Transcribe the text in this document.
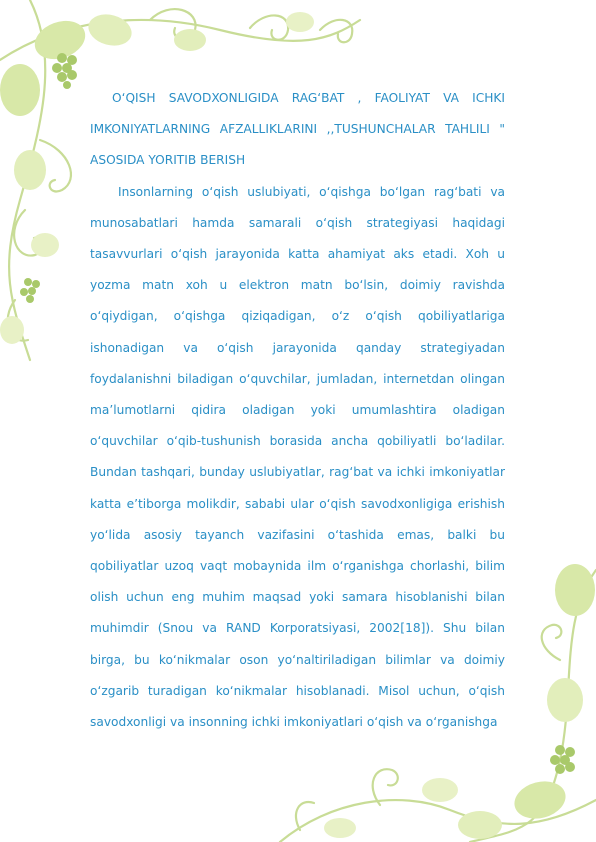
O‘QISH SAVODXONLIGIDA RAG‘BAT , FAOLIYAT VA ICHKI IMKONIYATLARNING AFZALLIKLARINI ,,TUSHUNCHALAR TAHLILI " ASOSIDA YORITIB BERISH

Insonlarning o‘qish uslubiyati, o‘qishga bo‘lgan rag‘bati va munosabatlari hamda samarali o‘qish strategiyasi haqidagi tasavvurlari o‘qish jarayonida katta ahamiyat aks etadi. Xoh u yozma matn xoh u elektron matn bo‘lsin, doimiy ravishda o‘qiydigan, o‘qishga qiziqadigan, o‘z o‘qish qobiliyatlariga ishonadigan va o‘qish jarayonida qanday strategiyadan foydalanishni biladigan o‘quvchilar, jumladan, internetdan olingan ma’lumotlarni qidira oladigan yoki umumlashtira oladigan o‘quvchilar o‘qib-tushunish borasida ancha qobiliyatli bo‘ladilar. Bundan tashqari, bunday uslubiyatlar, rag‘bat va ichki imkoniyatlar katta e’tiborga molikdir, sababi ular o‘qish savodxonligiga erishish yo‘lida asosiy tayanch vazifasini o‘tashida emas, balki bu qobiliyatlar uzoq vaqt mobaynida ilm o‘rganishga chorlashi, bilim olish uchun eng muhim maqsad yoki samara hisoblanishi bilan muhimdir (Snou va RAND Korporatsiyasi, 2002[18]). Shu bilan birga, bu ko‘nikmalar oson yo‘naltiriladigan bilimlar va doimiy o‘zgarib turadigan ko‘nikmalar hisoblanadi. Misol uchun, o‘qish savodxonligi va insonning ichki imkoniyatlari o‘qish va o‘rganishga
